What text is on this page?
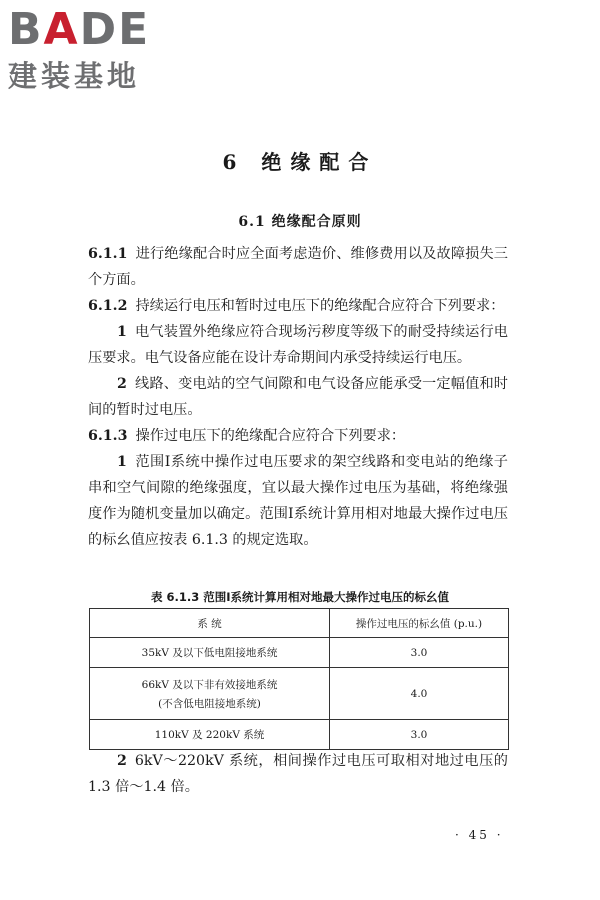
BADE
建装基地
6 绝缘配合
6.1 绝缘配合原则

6.1.1 进行绝缘配合时应全面考虑造价、维修费用以及故障损失三个方面。

6.1.2 持续运行电压和暂时过电压下的绝缘配合应符合下列要求：

1 电气装置外绝缘应符合现场污秽度等级下的耐受持续运行电压要求。电气设备应能在设计寿命期间内承受持续运行电压。

2 线路、变电站的空气间隙和电气设备应能承受一定幅值和时间的暂时过电压。

6.1.3 操作过电压下的绝缘配合应符合下列要求：

1 范围Ⅰ系统中操作过电压要求的架空线路和变电站的绝缘子串和空气间隙的绝缘强度，宜以最大操作过电压为基础，将绝缘强度作为随机变量加以确定。范围Ⅰ系统计算用相对地最大操作过电压的标幺值应按表 6.1.3 的规定选取。

表 6.1.3 范围Ⅰ系统计算用相对地最大操作过电压的标幺值
系 统	操作过电压的标幺值 (p.u.)
35kV 及以下低电阻接地系统	3.0

66kV 及以下非有效接地系统
(不含低电阻接地系统)	4.0
110kV 及 220kV 系统	3.0

2 6kV～220kV 系统，相间操作过电压可取相对地过电压的 1.3 倍～1.4 倍。

· 45 ·
